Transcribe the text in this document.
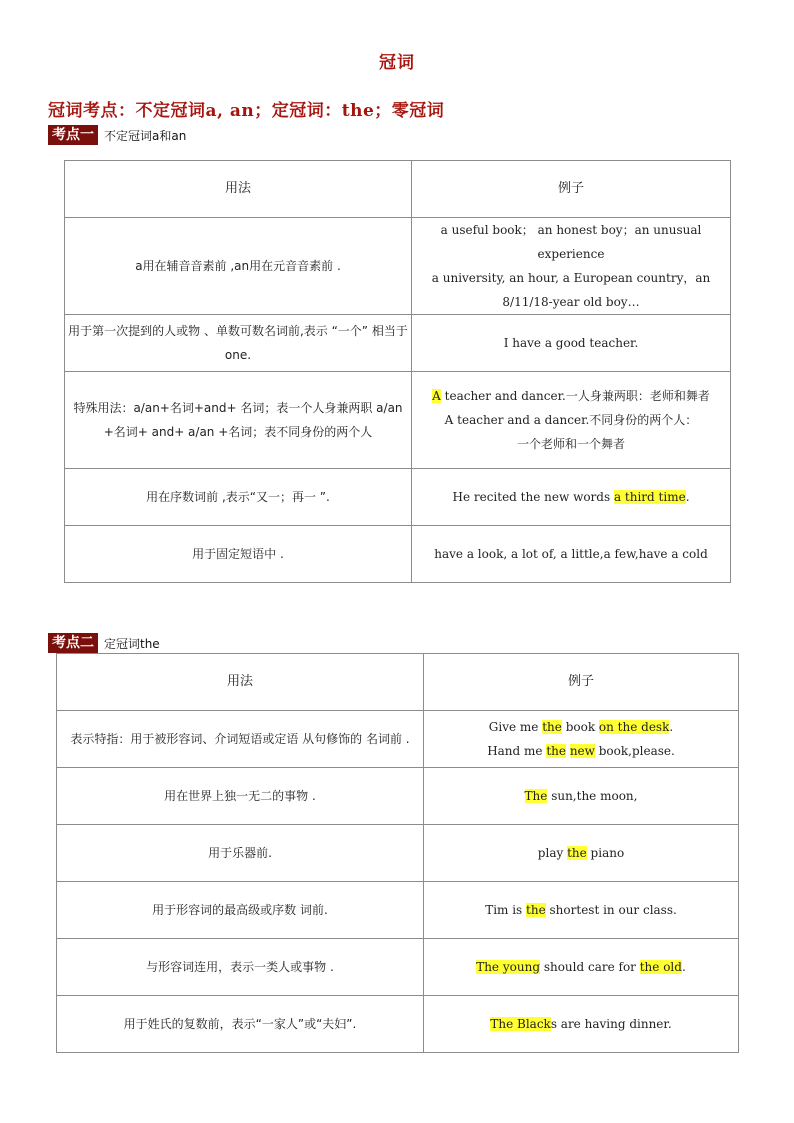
冠词
冠词考点：不定冠词a, an；定冠词：the；零冠词
考点一 不定冠词a和an
用法	例子
a用在辅音音素前 ,an用在元音音素前 .	a useful book； an honest boy；an unusual
experience
a university, an hour, a European country，an
8/11/18-year old boy…

用于第一次提到的人或物 、单数可数名词前,表示 “一个” 相当于 one.	I have a good teacher.

特殊用法：a/an+名词+and+ 名词；表一个人身兼两职 a/an +名词+ and+ a/an +名词；表不同身份的两个人	A teacher and dancer.一人身兼两职：老师和舞者
A teacher and a dancer.不同身份的两个人：
一个老师和一个舞者

用在序数词前 ,表示“又一；再一 ”.	He recited the new words a third time.

用于固定短语中 .	have a look, a lot of, a little,a few,have a cold
考点二 定冠词the
用法	例子
表示特指：用于被形容词、介词短语或定语 从句修饰的 名词前 .	Give me the book on the desk.
Hand me the new book,please.

用在世界上独一无二的事物 .	The sun,the moon,

用于乐器前.	play the piano

用于形容词的最高级或序数 词前.	Tim is the shortest in our class.

与形容词连用，表示一类人或事物 .	The young should care for the old.

用于姓氏的复数前，表示“一家人”或“夫妇”.	The Blacks are having dinner.
